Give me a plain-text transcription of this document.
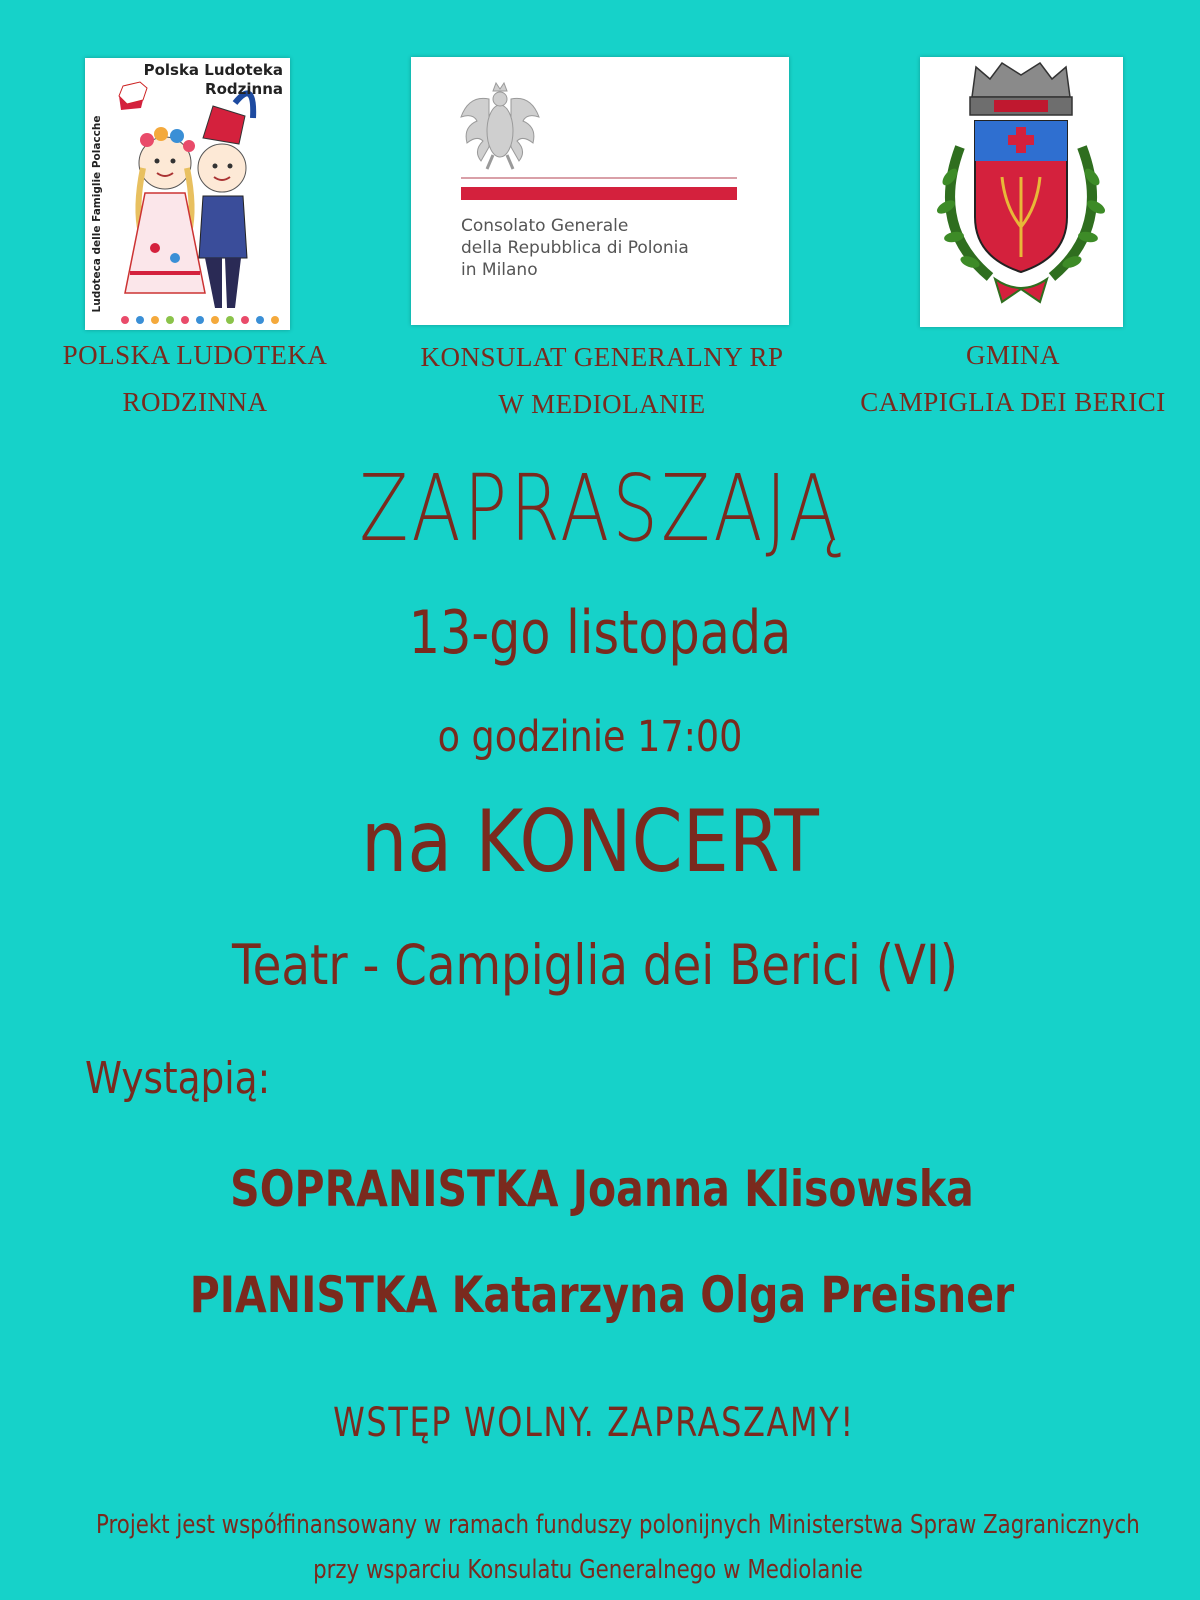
Polska Ludoteka
Rodzinna
Ludoteca delle Famiglie Polacche	Consolato Generale
della Repubblica di Polonia
in Milano
POLSKA LUDOTEKA
RODZINNA
KONSULAT GENERALNY RP
W MEDIOLANIE
GMINA
CAMPIGLIA DEI BERICI
ZAPRASZAJĄ
13-go listopada
o godzinie 17:00
na KONCERT
Teatr - Campiglia dei Berici (VI)
Wystąpią:
SOPRANISTKA Joanna Klisowska
PIANISTKA Katarzyna Olga Preisner
WSTĘP WOLNY. ZAPRASZAMY!
Projekt jest współfinansowany w ramach funduszy polonijnych Ministerstwa Spraw Zagranicznych
przy wsparciu Konsulatu Generalnego w Mediolanie
